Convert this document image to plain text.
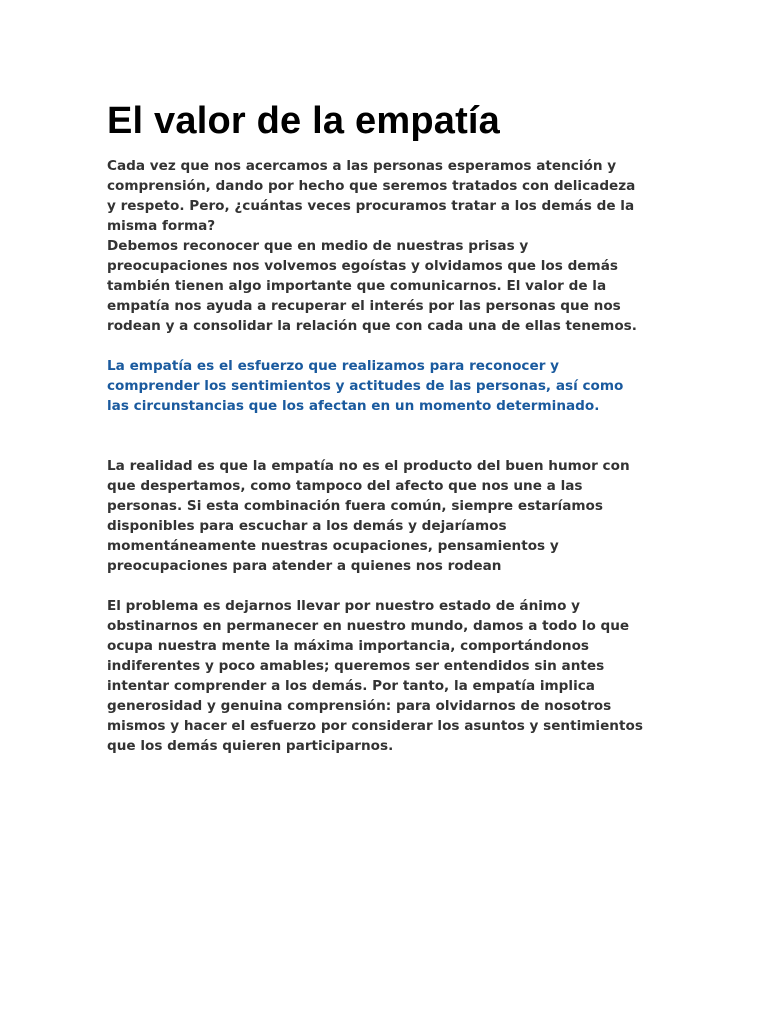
El valor de la empatía

Cada vez que nos acercamos a las personas esperamos atención y
comprensión, dando por hecho que seremos tratados con delicadeza
y respeto. Pero, ¿cuántas veces procuramos tratar a los demás de la
misma forma?
Debemos reconocer que en medio de nuestras prisas y
preocupaciones nos volvemos egoístas y olvidamos que los demás
también tienen algo importante que comunicarnos. El valor de la
empatía nos ayuda a recuperar el interés por las personas que nos
rodean y a consolidar la relación que con cada una de ellas tenemos.

La empatía es el esfuerzo que realizamos para reconocer y
comprender los sentimientos y actitudes de las personas, así como
las circunstancias que los afectan en un momento determinado.

La realidad es que la empatía no es el producto del buen humor con
que despertamos, como tampoco del afecto que nos une a las
personas. Si esta combinación fuera común, siempre estaríamos
disponibles para escuchar a los demás y dejaríamos
momentáneamente nuestras ocupaciones, pensamientos y
preocupaciones para atender a quienes nos rodean

El problema es dejarnos llevar por nuestro estado de ánimo y
obstinarnos en permanecer en nuestro mundo, damos a todo lo que
ocupa nuestra mente la máxima importancia, comportándonos
indiferentes y poco amables; queremos ser entendidos sin antes
intentar comprender a los demás. Por tanto, la empatía implica
generosidad y genuina comprensión: para olvidarnos de nosotros
mismos y hacer el esfuerzo por considerar los asuntos y sentimientos
que los demás quieren participarnos.
